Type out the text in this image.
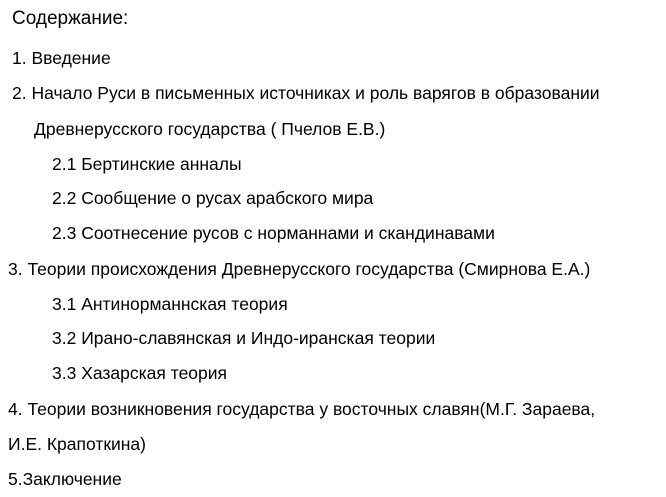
Содержание:
1. Введение
2. Начало Руси в письменных источниках и роль варягов в образовании
Древнерусского государства ( Пчелов Е.В.)
2.1 Бертинские анналы
2.2 Сообщение о русах арабского мира
2.3 Соотнесение русов с норманнами и скандинавами
3. Теории происхождения Древнерусского государства (Смирнова Е.А.)
3.1 Антинорманнская теория
3.2 Ирано-славянская и Индо-иранская теории
3.3 Хазарская теория
4. Теории возникновения государства у восточных славян(М.Г. Зараева,
И.Е. Крапоткина)
5.Заключение
